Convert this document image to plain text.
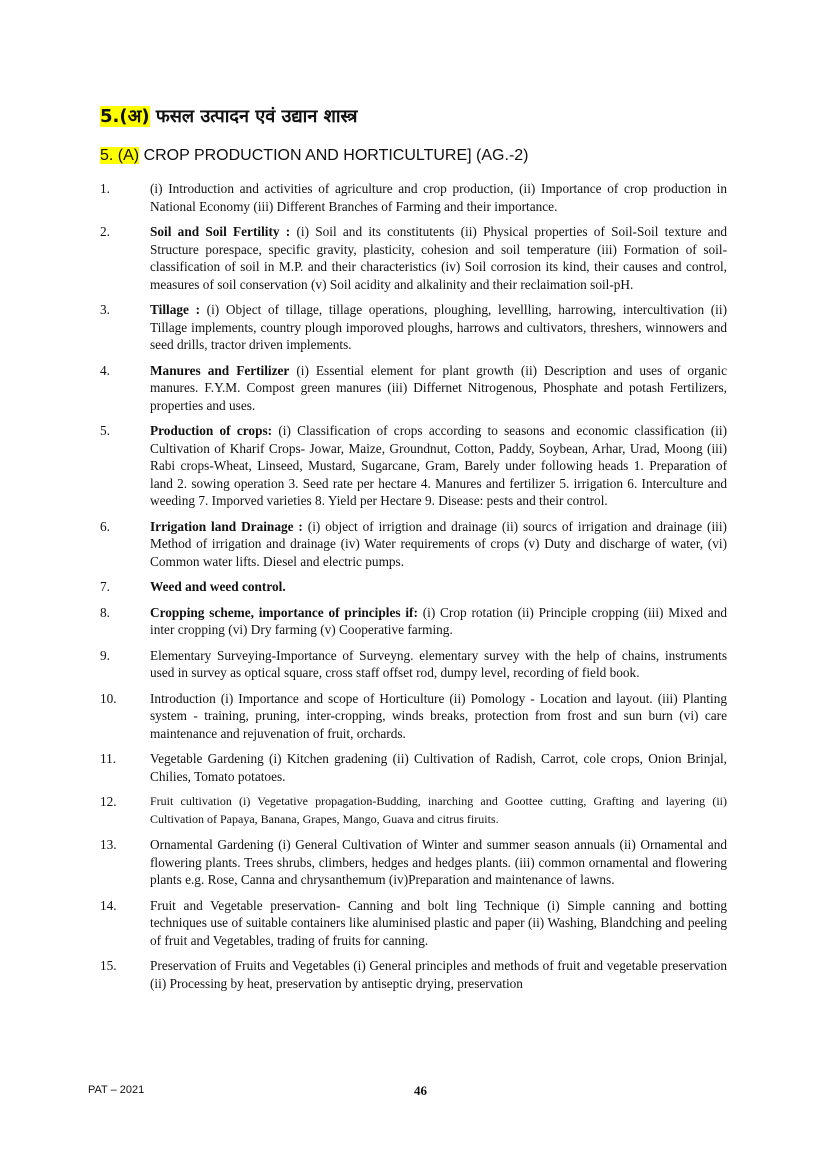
5.(अ) फसल उत्पादन एवं उद्यान शास्त्र
5. (A) CROP PRODUCTION AND HORTICULTURE] (AG.-2)
1.	(i) Introduction and activities of agriculture and crop production, (ii) Importance of crop production in National Economy (iii) Different Branches of Farming and their importance.
2.	Soil and Soil Fertility : (i) Soil and its constitutents (ii) Physical properties of Soil-Soil texture and Structure porespace, specific gravity, plasticity, cohesion and soil temperature (iii) Formation of soil-classification of soil in M.P. and their characteristics (iv) Soil corrosion its kind, their causes and control, measures of soil conservation (v) Soil acidity and alkalinity and their reclaimation soil-pH.
3.	Tillage : (i) Object of tillage, tillage operations, ploughing, levellling, harrowing, intercultivation (ii) Tillage implements, country plough imporoved ploughs, harrows and cultivators, threshers, winnowers and seed drills, tractor driven implements.
4.	Manures and Fertilizer (i) Essential element for plant growth (ii) Description and uses of organic manures. F.Y.M. Compost green manures (iii) Differnet Nitrogenous, Phosphate and potash Fertilizers, properties and uses.
5.	Production of crops: (i) Classification of crops according to seasons and economic classification (ii) Cultivation of Kharif Crops- Jowar, Maize, Groundnut, Cotton, Paddy, Soybean, Arhar, Urad, Moong (iii) Rabi crops-Wheat, Linseed, Mustard, Sugarcane, Gram, Barely under following heads 1. Preparation of land 2. sowing operation 3. Seed rate per hectare 4. Manures and fertilizer 5. irrigation 6. Interculture and weeding 7. Imporved varieties 8. Yield per Hectare 9. Disease: pests and their control.
6.	Irrigation land Drainage : (i) object of irrigtion and drainage (ii) sourcs of irrigation and drainage (iii) Method of irrigation and drainage (iv) Water requirements of crops (v) Duty and discharge of water, (vi) Common water lifts. Diesel and electric pumps.
7.	Weed and weed control.
8.	Cropping scheme, importance of principles if: (i) Crop rotation (ii) Principle cropping (iii) Mixed and inter cropping (vi) Dry farming (v) Cooperative farming.
9.	Elementary Surveying-Importance of Surveyng. elementary survey with the help of chains, instruments used in survey as optical square, cross staff offset rod, dumpy level, recording of field book.
10.	Introduction (i) Importance and scope of Horticulture (ii) Pomology - Location and layout. (iii) Planting system - training, pruning, inter-cropping, winds breaks, protection from frost and sun burn (vi) care maintenance and rejuvenation of fruit, orchards.
11.	Vegetable Gardening (i) Kitchen gradening (ii) Cultivation of Radish, Carrot, cole crops, Onion Brinjal, Chilies, Tomato potatoes.
12.	Fruit cultivation (i) Vegetative propagation-Budding, inarching and Goottee cutting, Grafting and layering (ii) Cultivation of Papaya, Banana, Grapes, Mango, Guava and citrus firuits.
13.	Ornamental Gardening (i) General Cultivation of Winter and summer season annuals (ii) Ornamental and flowering plants. Trees shrubs, climbers, hedges and hedges plants. (iii) common ornamental and flowering plants e.g. Rose, Canna and chrysanthemum (iv)Preparation and maintenance of lawns.
14.	Fruit and Vegetable preservation- Canning and bolt ling Technique (i) Simple canning and botting techniques use of suitable containers like aluminised plastic and paper (ii) Washing, Blandching and peeling of fruit and Vegetables, trading of fruits for canning.
15.	Preservation of Fruits and Vegetables (i) General principles and methods of fruit and vegetable preservation (ii) Processing by heat, preservation by antiseptic drying, preservation
PAT – 2021	46
